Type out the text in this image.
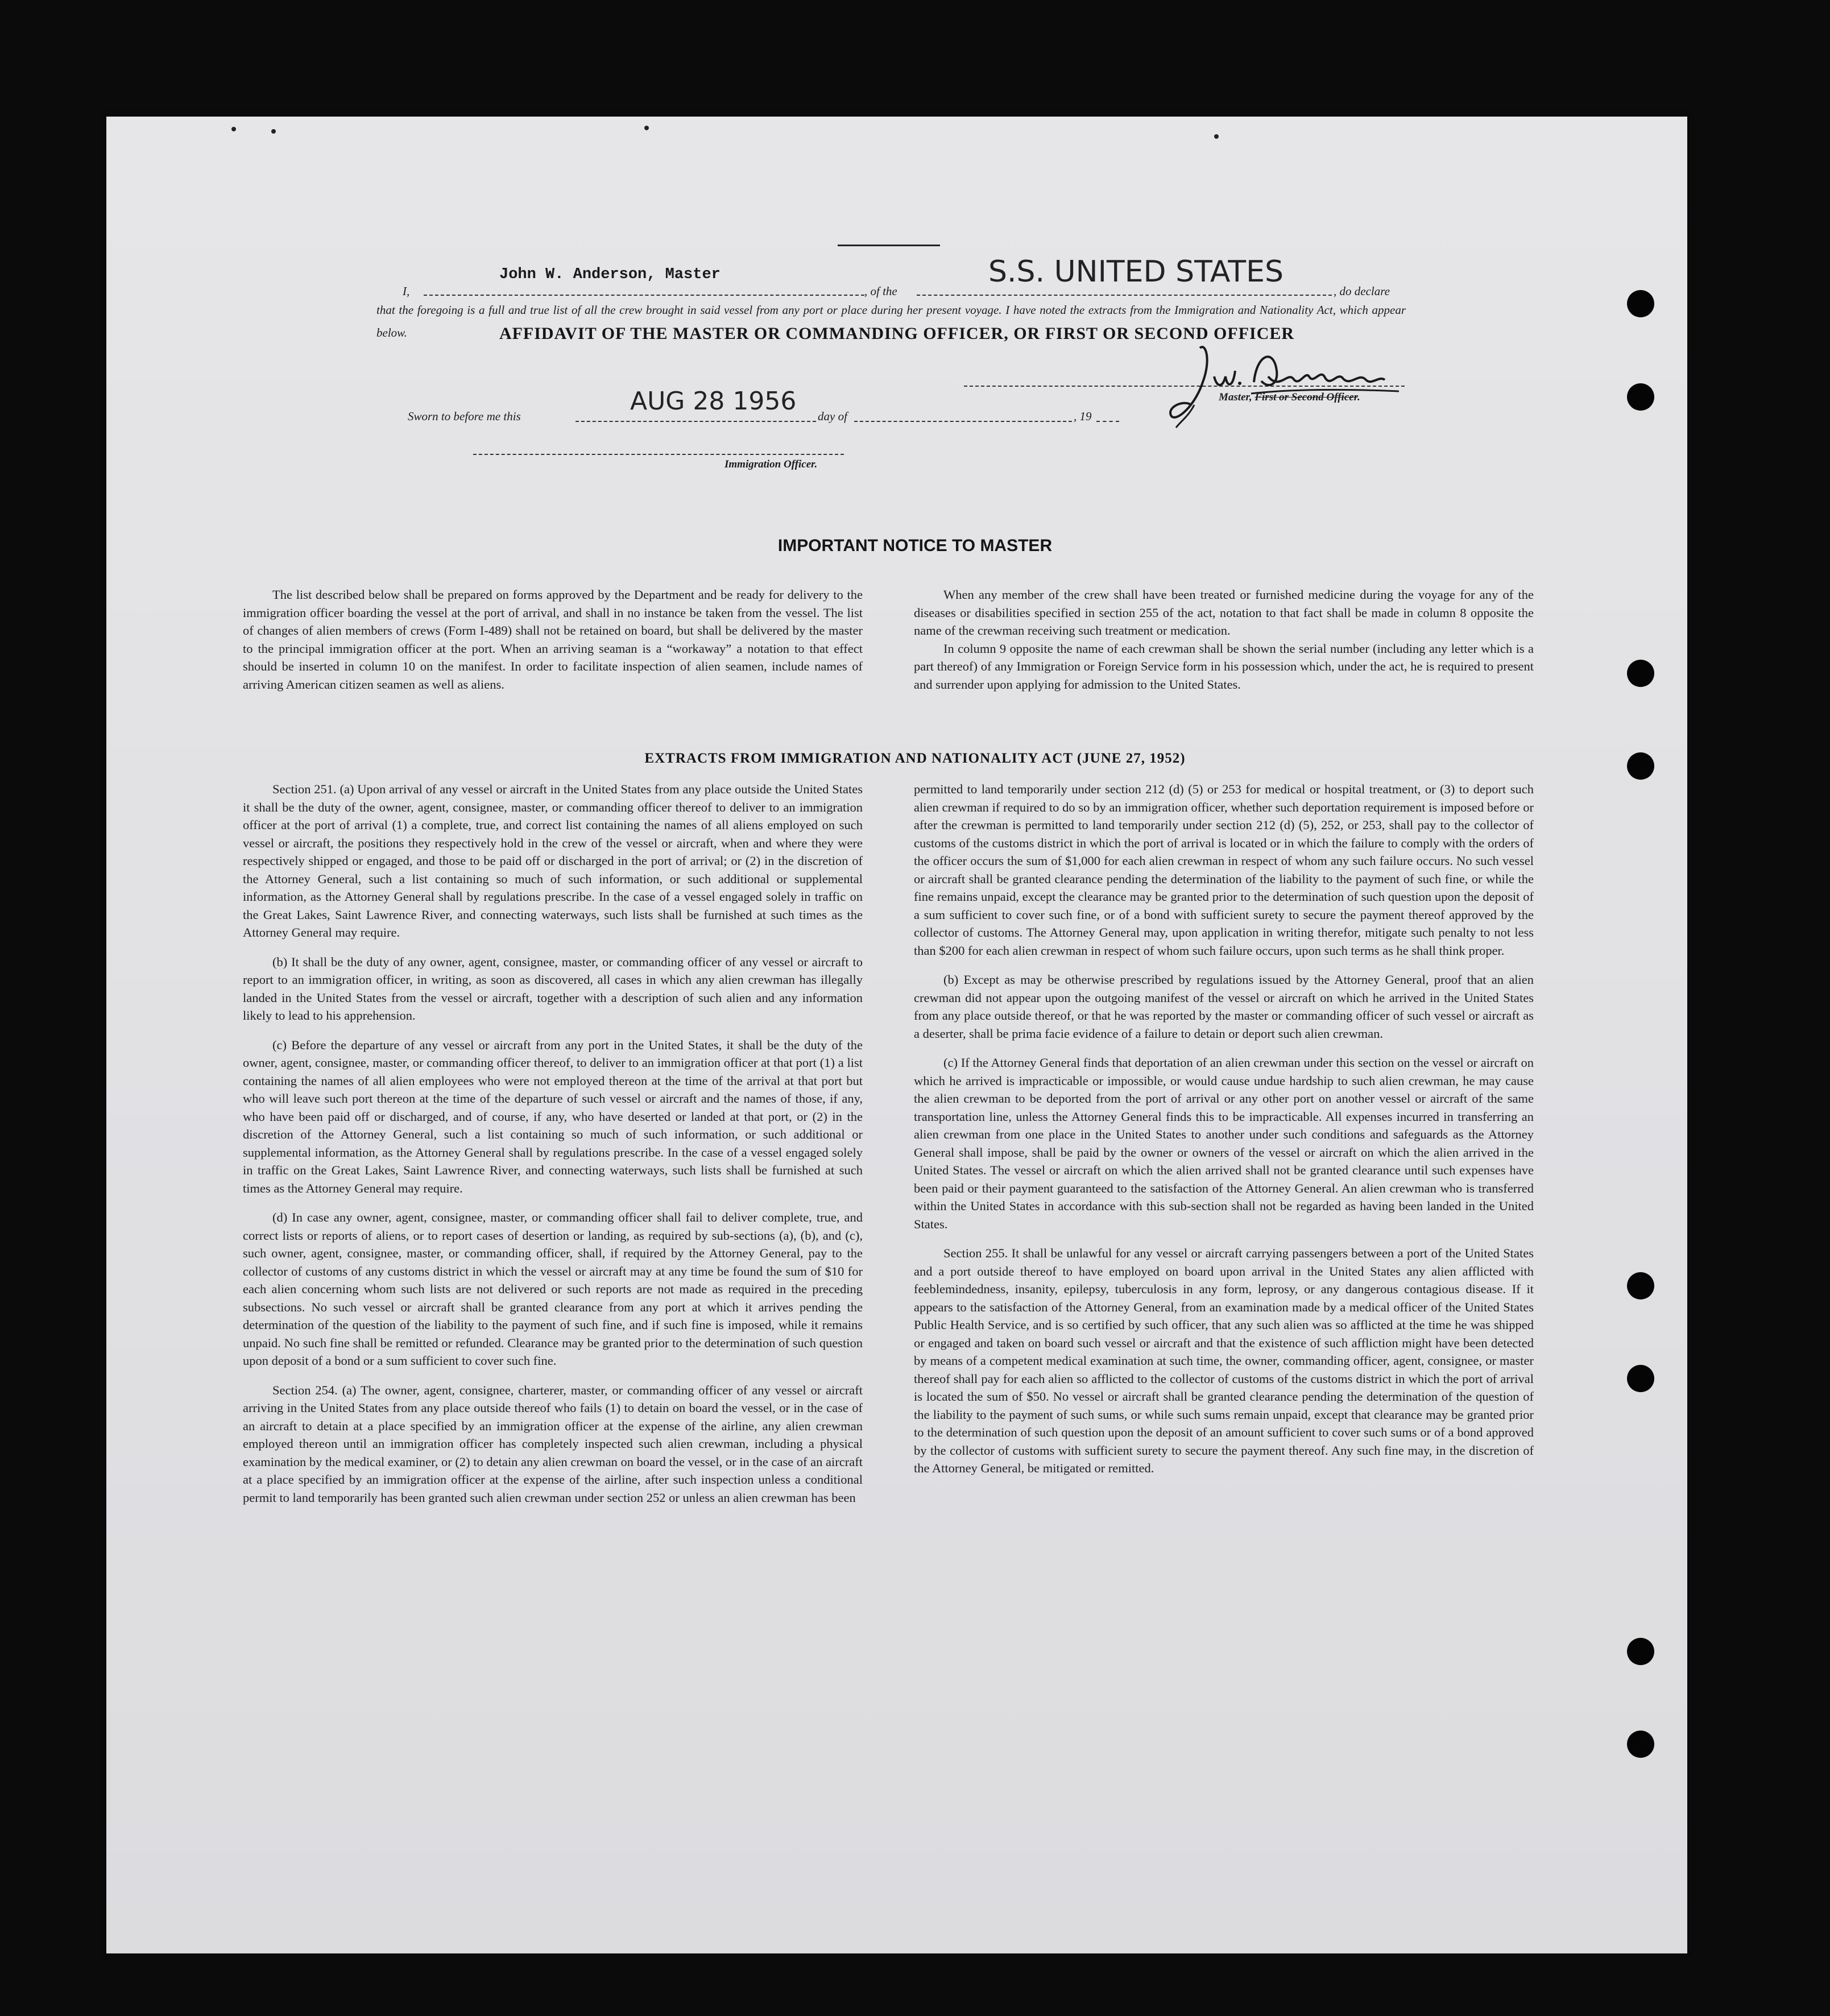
AFFIDAVIT OF THE MASTER OR COMMANDING OFFICER, OR FIRST OR SECOND OFFICER
I,
John W. Anderson, Master
, of the
S.S. UNITED STATES
, do declare

that the foregoing is a full and true list of all the crew brought in said vessel from any port or place during her present voyage. I have noted the extracts from the Immigration and Nationality Act, which appear below.

Master, First or Second Officer.
Sworn to before me this
AUG 28 1956
day of	, 19
Immigration Officer.
IMPORTANT NOTICE TO MASTER

The list described below shall be prepared on forms approved by the Department and be ready for delivery to the immigration officer boarding the vessel at the port of arrival, and shall in no instance be taken from the vessel. The list of changes of alien members of crews (Form I-489) shall not be retained on board, but shall be delivered by the master to the principal immigration officer at the port. When an arriving seaman is a “workaway” a notation to that effect should be inserted in column 10 on the manifest. In order to facilitate inspection of alien seamen, include names of arriving American citizen seamen as well as aliens.

When any member of the crew shall have been treated or furnished medicine during the voyage for any of the diseases or disabilities specified in section 255 of the act, notation to that fact shall be made in column 8 opposite the name of the crewman receiving such treatment or medication.

In column 9 opposite the name of each crewman shall be shown the serial number (including any letter which is a part thereof) of any Immigration or Foreign Service form in his possession which, under the act, he is required to present and surrender upon applying for admission to the United States.

EXTRACTS FROM IMMIGRATION AND NATIONALITY ACT (JUNE 27, 1952)

Section 251. (a) Upon arrival of any vessel or aircraft in the United States from any place outside the United States it shall be the duty of the owner, agent, consignee, master, or commanding officer thereof to deliver to an immigration officer at the port of arrival (1) a complete, true, and correct list containing the names of all aliens employed on such vessel or aircraft, the positions they respectively hold in the crew of the vessel or aircraft, when and where they were respectively shipped or engaged, and those to be paid off or discharged in the port of arrival; or (2) in the discretion of the Attorney General, such a list containing so much of such information, or such additional or supplemental information, as the Attorney General shall by regulations prescribe. In the case of a vessel engaged solely in traffic on the Great Lakes, Saint Lawrence River, and connecting waterways, such lists shall be furnished at such times as the Attorney General may require.

(b) It shall be the duty of any owner, agent, consignee, master, or commanding officer of any vessel or aircraft to report to an immigration officer, in writing, as soon as discovered, all cases in which any alien crewman has illegally landed in the United States from the vessel or aircraft, together with a description of such alien and any information likely to lead to his apprehension.

(c) Before the departure of any vessel or aircraft from any port in the United States, it shall be the duty of the owner, agent, consignee, master, or commanding officer thereof, to deliver to an immigration officer at that port (1) a list containing the names of all alien employees who were not employed thereon at the time of the arrival at that port but who will leave such port thereon at the time of the departure of such vessel or aircraft and the names of those, if any, who have been paid off or discharged, and of course, if any, who have deserted or landed at that port, or (2) in the discretion of the Attorney General, such a list containing so much of such information, or such additional or supplemental information, as the Attorney General shall by regulations prescribe. In the case of a vessel engaged solely in traffic on the Great Lakes, Saint Lawrence River, and connecting waterways, such lists shall be furnished at such times as the Attorney General may require.

(d) In case any owner, agent, consignee, master, or commanding officer shall fail to deliver complete, true, and correct lists or reports of aliens, or to report cases of desertion or landing, as required by sub-sections (a), (b), and (c), such owner, agent, consignee, master, or commanding officer, shall, if required by the Attorney General, pay to the collector of customs of any customs district in which the vessel or aircraft may at any time be found the sum of $10 for each alien concerning whom such lists are not delivered or such reports are not made as required in the preceding subsections. No such vessel or aircraft shall be granted clearance from any port at which it arrives pending the determination of the question of the liability to the payment of such fine, and if such fine is imposed, while it remains unpaid. No such fine shall be remitted or refunded. Clearance may be granted prior to the determination of such question upon deposit of a bond or a sum sufficient to cover such fine.

Section 254. (a) The owner, agent, consignee, charterer, master, or commanding officer of any vessel or aircraft arriving in the United States from any place outside thereof who fails (1) to detain on board the vessel, or in the case of an aircraft to detain at a place specified by an immigration officer at the expense of the airline, any alien crewman employed thereon until an immigration officer has completely inspected such alien crewman, including a physical examination by the medical examiner, or (2) to detain any alien crewman on board the vessel, or in the case of an aircraft at a place specified by an immigration officer at the expense of the airline, after such inspection unless a conditional permit to land temporarily has been granted such alien crewman under section 252 or unless an alien crewman has been

permitted to land temporarily under section 212 (d) (5) or 253 for medical or hospital treatment, or (3) to deport such alien crewman if required to do so by an immigration officer, whether such deportation requirement is imposed before or after the crewman is permitted to land temporarily under section 212 (d) (5), 252, or 253, shall pay to the collector of customs of the customs district in which the port of arrival is located or in which the failure to comply with the orders of the officer occurs the sum of $1,000 for each alien crewman in respect of whom any such failure occurs. No such vessel or aircraft shall be granted clearance pending the determination of the liability to the payment of such fine, or while the fine remains unpaid, except the clearance may be granted prior to the determination of such question upon the deposit of a sum sufficient to cover such fine, or of a bond with sufficient surety to secure the payment thereof approved by the collector of customs. The Attorney General may, upon application in writing therefor, mitigate such penalty to not less than $200 for each alien crewman in respect of whom such failure occurs, upon such terms as he shall think proper.

(b) Except as may be otherwise prescribed by regulations issued by the Attorney General, proof that an alien crewman did not appear upon the outgoing manifest of the vessel or aircraft on which he arrived in the United States from any place outside thereof, or that he was reported by the master or commanding officer of such vessel or aircraft as a deserter, shall be prima facie evidence of a failure to detain or deport such alien crewman.

(c) If the Attorney General finds that deportation of an alien crewman under this section on the vessel or aircraft on which he arrived is impracticable or impossible, or would cause undue hardship to such alien crewman, he may cause the alien crewman to be deported from the port of arrival or any other port on another vessel or aircraft of the same transportation line, unless the Attorney General finds this to be impracticable. All expenses incurred in transferring an alien crewman from one place in the United States to another under such conditions and safeguards as the Attorney General shall impose, shall be paid by the owner or owners of the vessel or aircraft on which the alien arrived in the United States. The vessel or aircraft on which the alien arrived shall not be granted clearance until such expenses have been paid or their payment guaranteed to the satisfaction of the Attorney General. An alien crewman who is transferred within the United States in accordance with this sub-section shall not be regarded as having been landed in the United States.

Section 255. It shall be unlawful for any vessel or aircraft carrying passengers between a port of the United States and a port outside thereof to have employed on board upon arrival in the United States any alien afflicted with feeblemindedness, insanity, epilepsy, tuberculosis in any form, leprosy, or any dangerous contagious disease. If it appears to the satisfaction of the Attorney General, from an examination made by a medical officer of the United States Public Health Service, and is so certified by such officer, that any such alien was so afflicted at the time he was shipped or engaged and taken on board such vessel or aircraft and that the existence of such affliction might have been detected by means of a competent medical examination at such time, the owner, commanding officer, agent, consignee, or master thereof shall pay for each alien so afflicted to the collector of customs of the customs district in which the port of arrival is located the sum of $50. No vessel or aircraft shall be granted clearance pending the determination of the question of the liability to the payment of such sums, or while such sums remain unpaid, except that clearance may be granted prior to the determination of such question upon the deposit of an amount sufficient to cover such sums or of a bond approved by the collector of customs with sufficient surety to secure the payment thereof. Any such fine may, in the discretion of the Attorney General, be mitigated or remitted.
